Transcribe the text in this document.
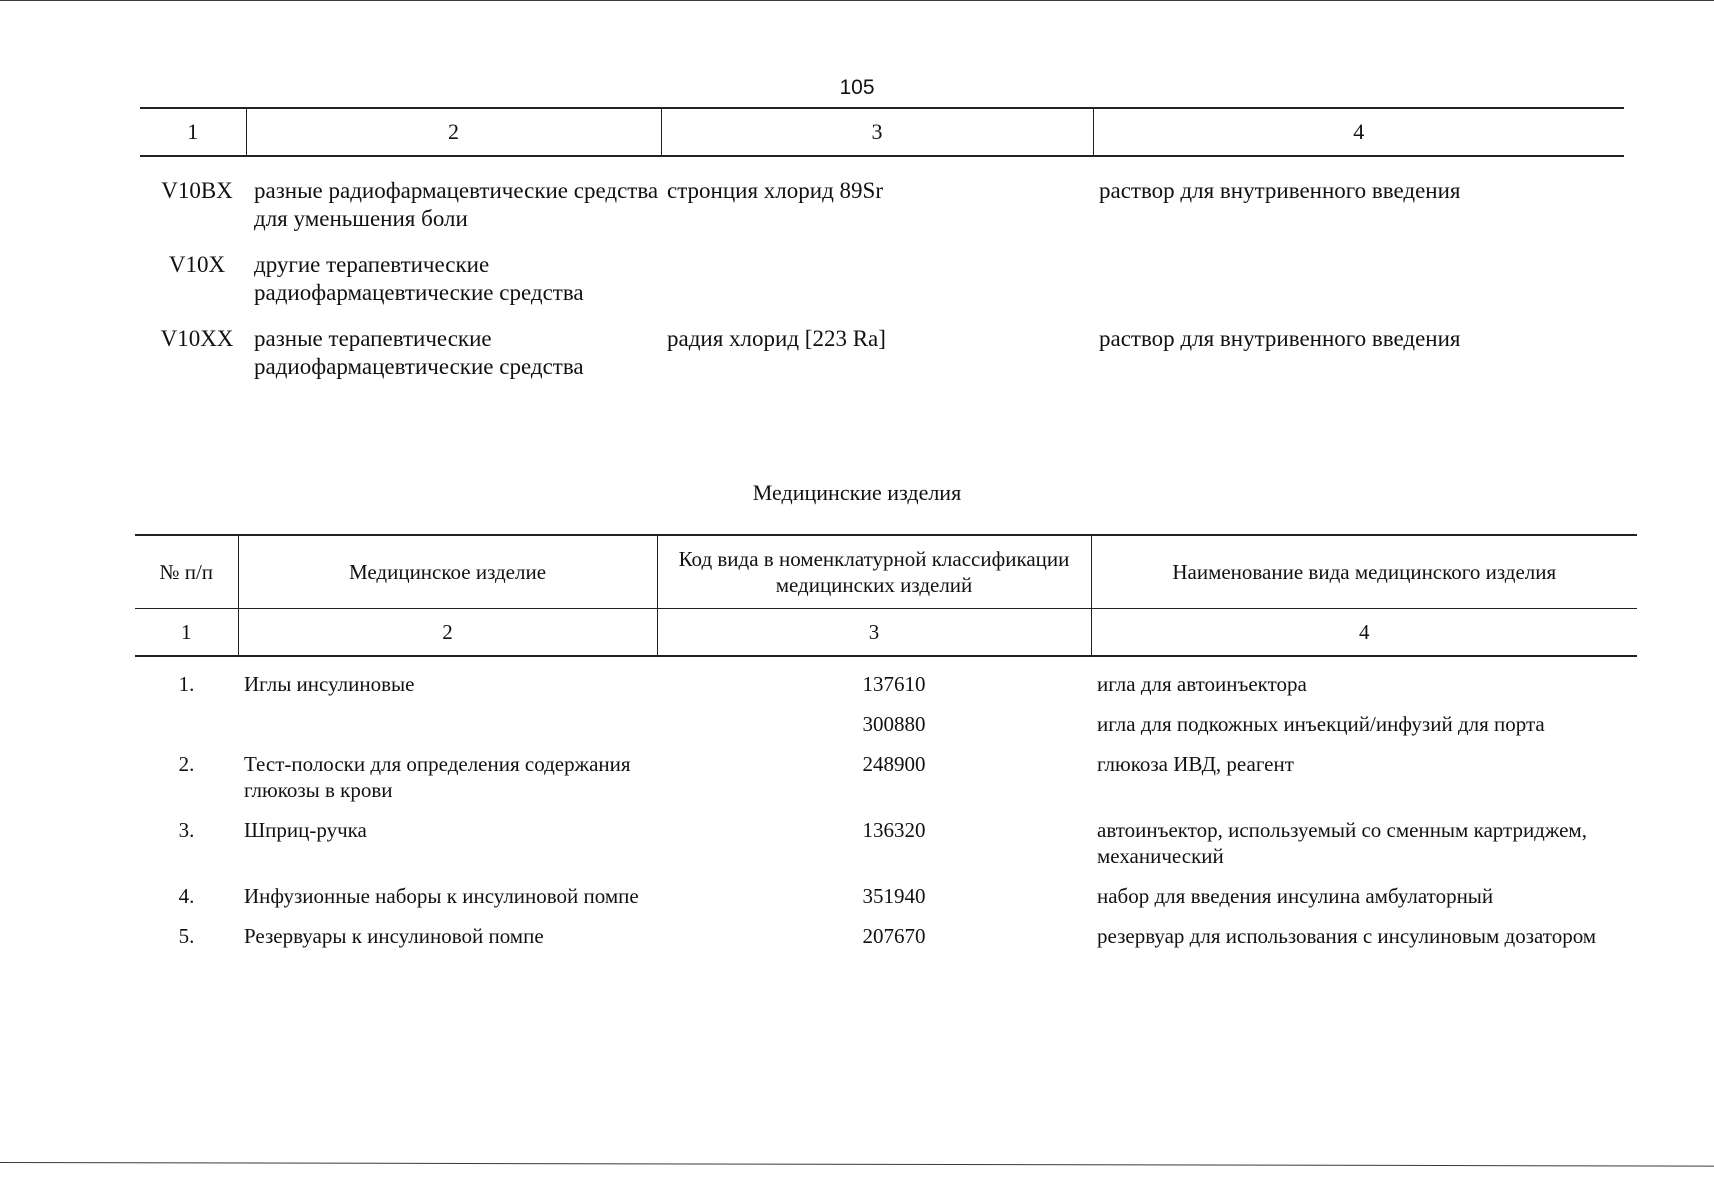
105
1	2	3	4
V10BX	разные радиофармацевтические средства для уменьшения боли	стронция хлорид 89Sr	раствор для внутривенного введения
V10X	другие терапевтические радиофармацевтические средства		
V10XX	разные терапевтические радиофармацевтические средства	радия хлорид [223 Ra]	раствор для внутривенного введения
Медицинские изделия
№ п/п	Медицинское изделие	Код вида в номенклатурной классификации медицинских изделий	Наименование вида медицинского изделия
1	2	3	4
1.	Иглы инсулиновые	137610	игла для автоинъектора
		300880	игла для подкожных инъекций/инфузий для порта
2.	Тест-полоски для определения содержания глюкозы в крови	248900	глюкоза ИВД, реагент
3.	Шприц-ручка	136320	автоинъектор, используемый со сменным картриджем, механический
4.	Инфузионные наборы к инсулиновой помпе	351940	набор для введения инсулина амбулаторный
5.	Резервуары к инсулиновой помпе	207670	резервуар для использования с инсулиновым дозатором
